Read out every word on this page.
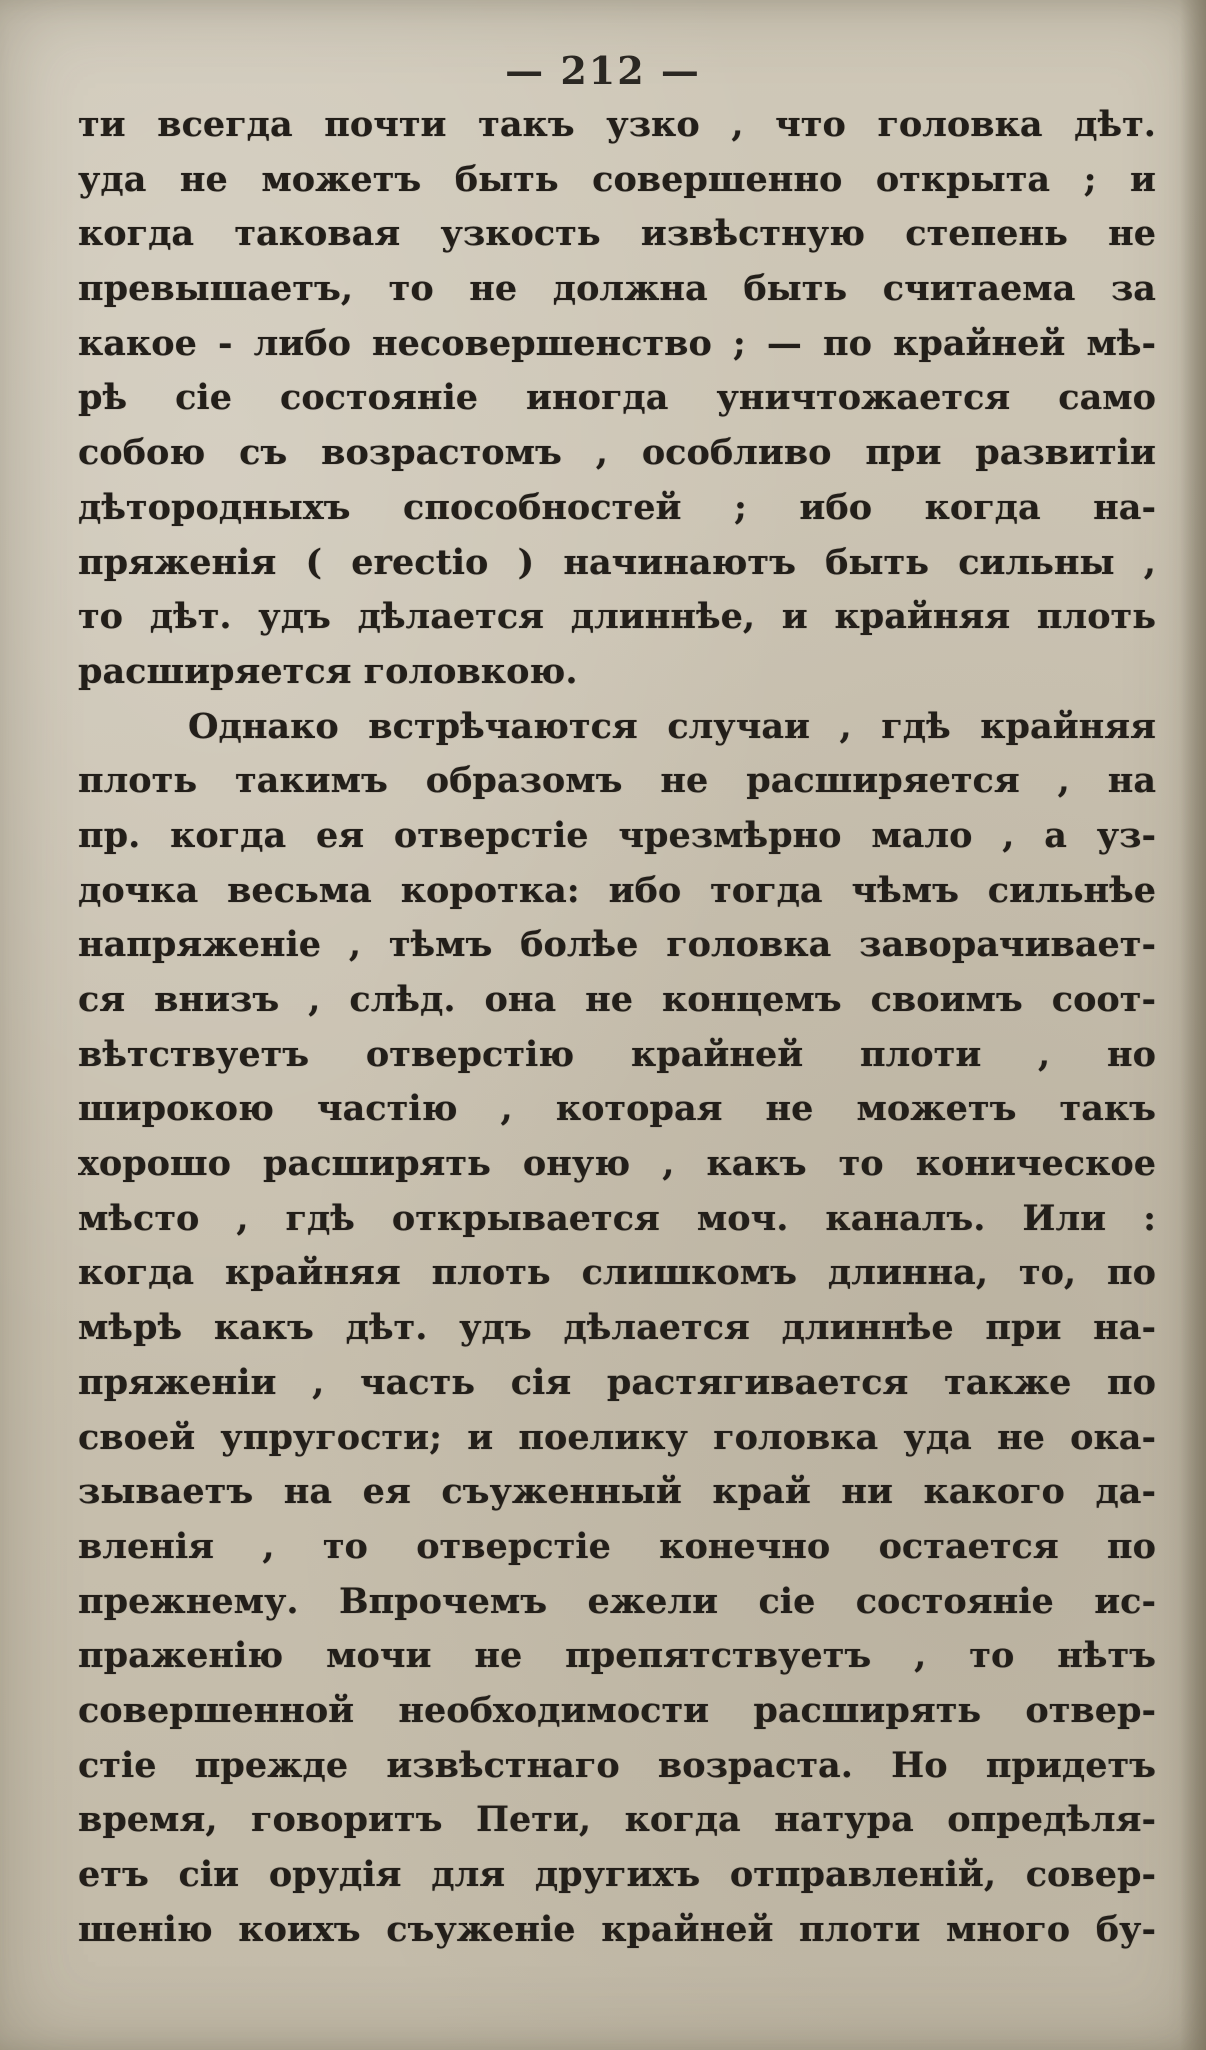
— 212 —
ти всегда почти такъ узко , что головка дѣт.
уда не можетъ быть совершенно открыта ; и
когда таковая узкость извѣстную степень не
превышаетъ, то не должна быть считаема за
какое - либо несовершенство ; — по крайней мѣ-
рѣ сіе состояніе иногда уничтожается само
собою съ возрастомъ , особливо при развитіи
дѣтородныхъ способностей ; ибо когда на-
пряженія ( erectio ) начинаютъ быть сильны ,
то дѣт. удъ дѣлается длиннѣе, и крайняя плоть
расширяется головкою.
Однако встрѣчаются случаи , гдѣ крайняя
плоть такимъ образомъ не расширяется , на
пр. когда ея отверстіе чрезмѣрно мало , а уз-
дочка весьма коротка: ибо тогда чѣмъ сильнѣе
напряженіе , тѣмъ болѣе головка заворачивает-
ся внизъ , слѣд. она не концемъ своимъ соот-
вѣтствуетъ отверстію крайней плоти , но
широкою частію , которая не можетъ такъ
хорошо расширять оную , какъ то коническое
мѣсто , гдѣ открывается моч. каналъ. Или :
когда крайняя плоть слишкомъ длинна, то, по
мѣрѣ какъ дѣт. удъ дѣлается длиннѣе при на-
пряженіи , часть сія растягивается также по
своей упругости; и поелику головка уда не ока-
зываетъ на ея съуженный край ни какого да-
вленія , то отверстіе конечно остается по
прежнему. Впрочемъ ежели сіе состояніе ис-
праженію мочи не препятствуетъ , то нѣтъ
совершенной необходимости расширять отвер-
стіе прежде извѣстнаго возраста. Но придетъ
время, говоритъ Пети, когда натура опредѣля-
етъ сіи орудія для другихъ отправленій, совер-
шенію коихъ съуженіе крайней плоти много бу-
